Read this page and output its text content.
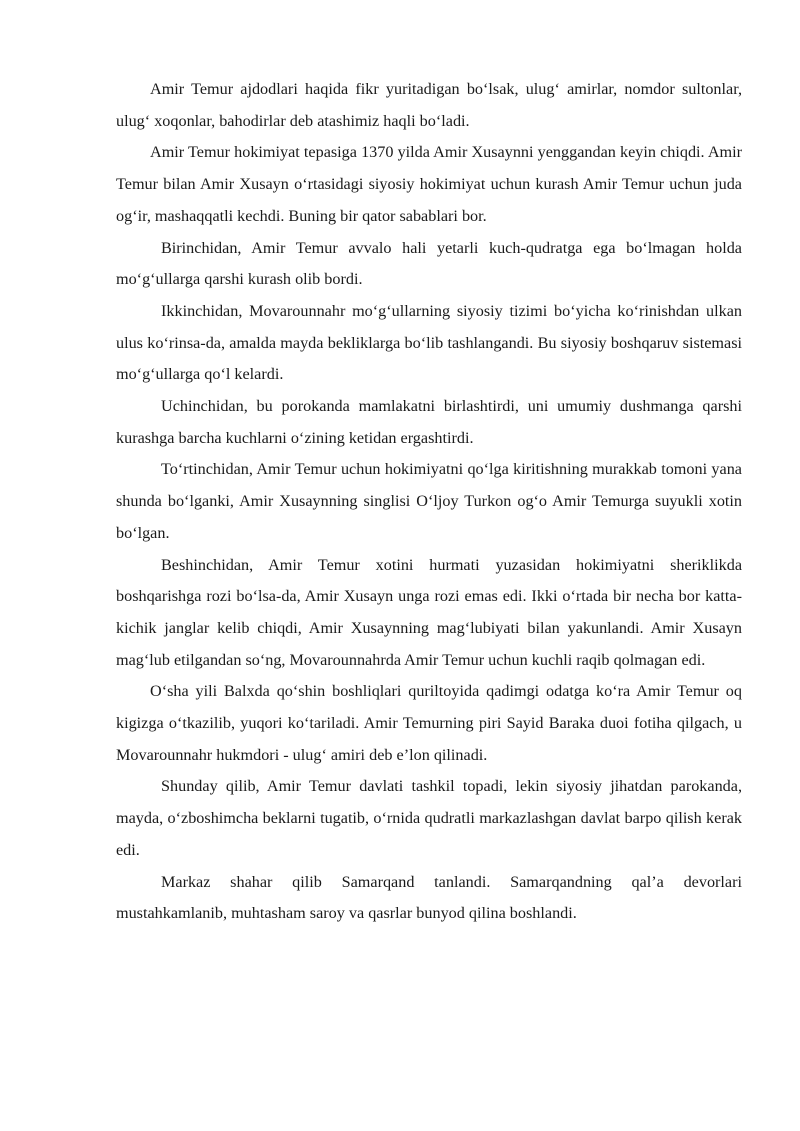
Amir Temur ajdodlari haqida fikr yuritadigan bo‘lsak, ulug‘ amirlar, nomdor sultonlar, ulug‘ xoqonlar, bahodirlar deb atashimiz haqli bo‘ladi.

Amir Temur hokimiyat tepasiga 1370 yilda Amir Xusaynni yenggandan keyin chiqdi. Amir Temur bilan Amir Xusayn o‘rtasidagi siyosiy hokimiyat uchun kurash Amir Temur uchun juda og‘ir, mashaqqatli kechdi. Buning bir qator sabablari bor.

Birinchidan, Amir Temur avvalo hali yetarli kuch-qudratga ega bo‘lmagan holda mo‘g‘ullarga qarshi kurash olib bordi.

Ikkinchidan, Movarounnahr mo‘g‘ullarning siyosiy tizimi bo‘yicha ko‘rinishdan ulkan ulus ko‘rinsa-da, amalda mayda bekliklarga bo‘lib tashlangandi. Bu siyosiy boshqaruv sistemasi mo‘g‘ullarga qo‘l kelardi.

Uchinchidan, bu porokanda mamlakatni birlashtirdi, uni umumiy dushmanga qarshi kurashga barcha kuchlarni o‘zining ketidan ergashtirdi.

To‘rtinchidan, Amir Temur uchun hokimiyatni qo‘lga kiritishning murakkab tomoni yana shunda bo‘lganki, Amir Xusaynning singlisi O‘ljoy Turkon og‘o Amir Temurga suyukli xotin bo‘lgan.

Beshinchidan, Amir Temur xotini hurmati yuzasidan hokimiyatni sheriklikda boshqarishga rozi bo‘lsa-da, Amir Xusayn unga rozi emas edi. Ikki o‘rtada bir necha bor katta-kichik janglar kelib chiqdi, Amir Xusaynning mag‘lubiyati bilan yakunlandi. Amir Xusayn mag‘lub etilgandan so‘ng, Movarounnahrda Amir Temur uchun kuchli raqib qolmagan edi.

O‘sha yili Balxda qo‘shin boshliqlari quriltoyida qadimgi odatga ko‘ra Amir Temur oq kigizga o‘tkazilib, yuqori ko‘tariladi. Amir Temurning piri Sayid Baraka duoi fotiha qilgach, u Movarounnahr hukmdori - ulug‘ amiri deb e’lon qilinadi.

Shunday qilib, Amir Temur davlati tashkil topadi, lekin siyosiy jihatdan parokanda, mayda, o‘zboshimcha beklarni tugatib, o‘rnida qudratli markazlashgan davlat barpo qilish kerak edi.

Markaz shahar qilib Samarqand tanlandi. Samarqandning qal’a devorlari mustahkamlanib, muhtasham saroy va qasrlar bunyod qilina boshlandi.
